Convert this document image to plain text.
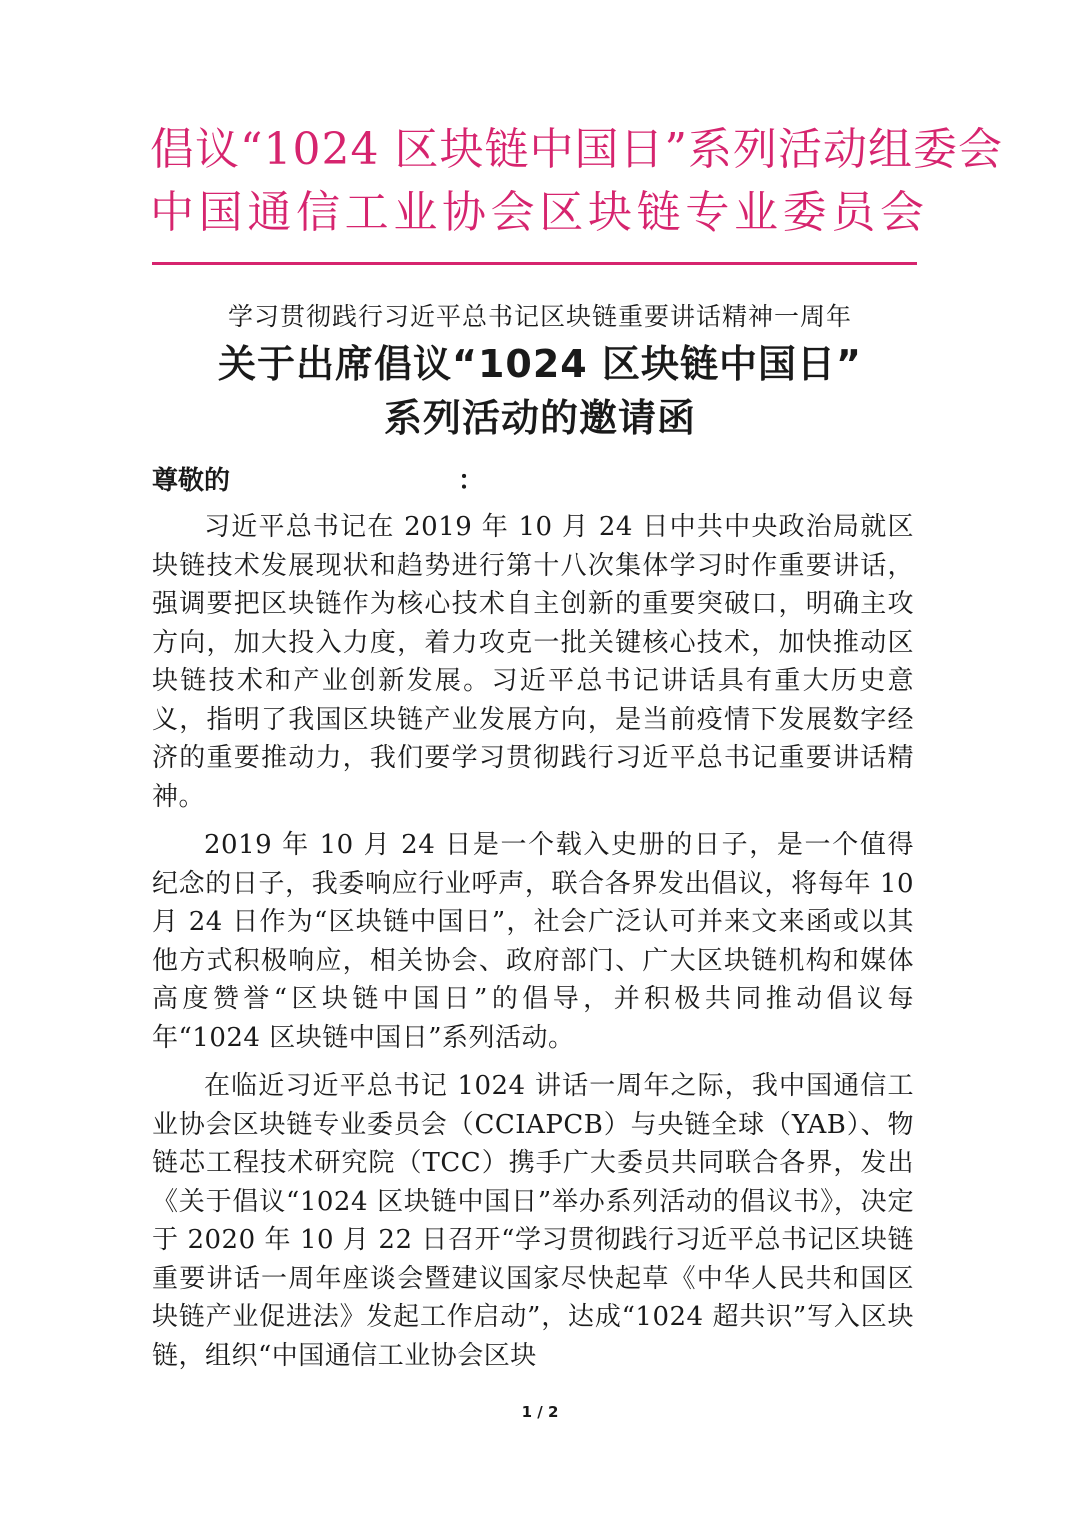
倡议“1024 区块链中国日”系列活动组委会
中国通信工业协会区块链专业委员会
学习贯彻践行习近平总书记区块链重要讲话精神一周年
关于出席倡议“1024 区块链中国日”
系列活动的邀请函
尊敬的	：

习近平总书记在 2019 年 10 月 24 日中共中央政治局就区块链技术发展现状和趋势进行第十八次集体学习时作重要讲话，强调要把区块链作为核心技术自主创新的重要突破口，明确主攻方向，加大投入力度，着力攻克一批关键核心技术，加快推动区块链技术和产业创新发展。习近平总书记讲话具有重大历史意义，指明了我国区块链产业发展方向，是当前疫情下发展数字经济的重要推动力，我们要学习贯彻践行习近平总书记重要讲话精神。

2019 年 10 月 24 日是一个载入史册的日子，是一个值得纪念的日子，我委响应行业呼声，联合各界发出倡议，将每年 10 月 24 日作为“区块链中国日”，社会广泛认可并来文来函或以其他方式积极响应，相关协会、政府部门、广大区块链机构和媒体高度赞誉“区块链中国日”的倡导，并积极共同推动倡议每年“1024 区块链中国日”系列活动。

在临近习近平总书记 1024 讲话一周年之际，我中国通信工业协会区块链专业委员会（CCIAPCB）与央链全球（YAB）、物链芯工程技术研究院（TCC）携手广大委员共同联合各界，发出《关于倡议“1024 区块链中国日”举办系列活动的倡议书》，决定于 2020 年 10 月 22 日召开“学习贯彻践行习近平总书记区块链重要讲话一周年座谈会暨建议国家尽快起草《中华人民共和国区块链产业促进法》发起工作启动”，达成“1024 超共识”写入区块链，组织“中国通信工业协会区块

1 / 2
